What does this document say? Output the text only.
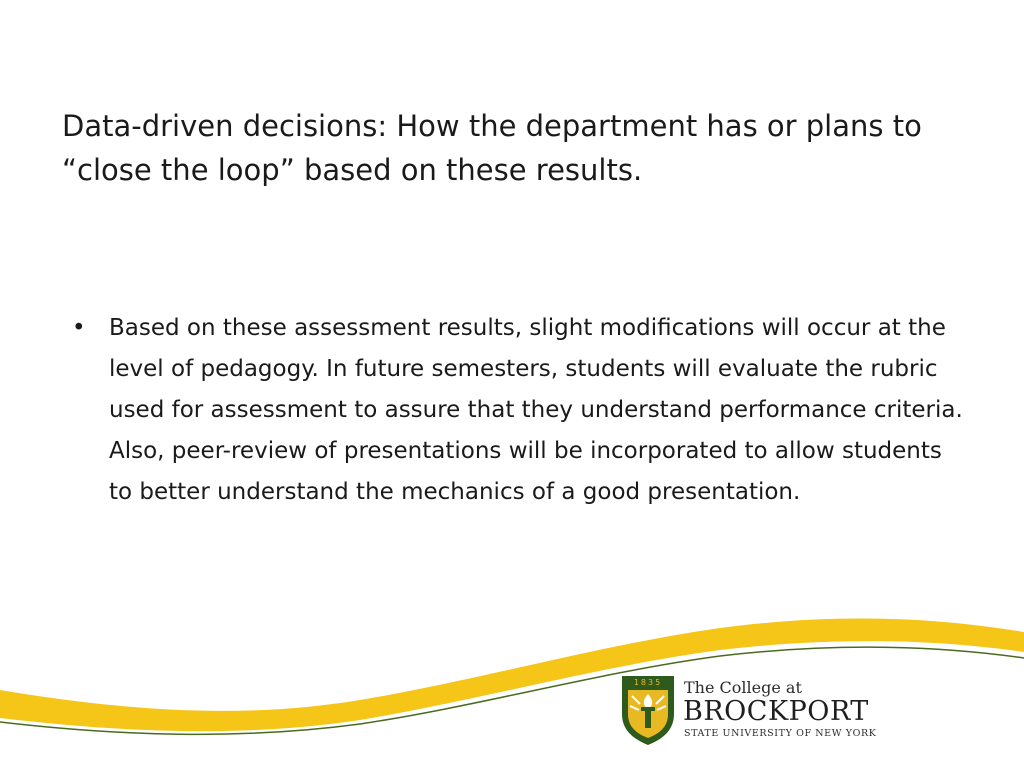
Data-driven decisions: How the department has or plans to “close the loop” based on these results.
• Based on these assessment results, slight modifications will occur at the level of pedagogy. In future semesters, students will evaluate the rubric used for assessment to assure that they understand performance criteria. Also, peer-review of presentations will be incorporated to allow students to better understand the mechanics of a good presentation.
1835 The College at
BROCKPORT
STATE UNIVERSITY OF NEW YORK
